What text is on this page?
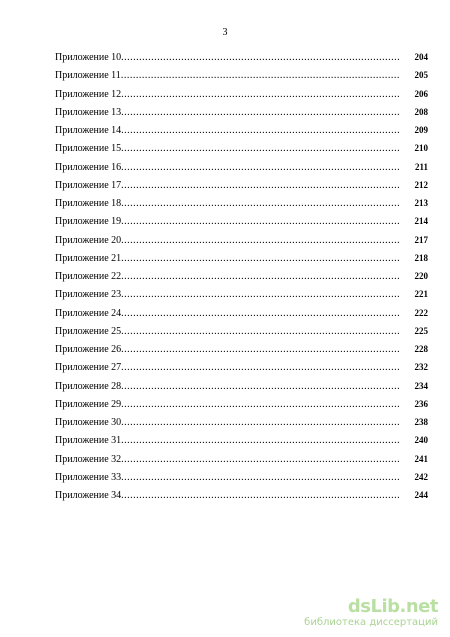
3
Приложение 10 .....	204
Приложение 11 .....	205
Приложение 12 .....	206
Приложение 13 .....	208
Приложение 14 .....	209
Приложение 15 .....	210
Приложение 16 .....	211
Приложение 17 .....	212
Приложение 18 .....	213
Приложение 19 .....	214
Приложение 20 .....	217
Приложение 21 .....	218
Приложение 22 .....	220
Приложение 23 .....	221
Приложение 24 .....	222
Приложение 25 .....	225
Приложение 26 .....	228
Приложение 27 .....	232
Приложение 28 .....	234
Приложение 29 .....	236
Приложение 30 .....	238
Приложение 31 .....	240
Приложение 32 .....	241
Приложение 33 .....	242
Приложение 34 .....	244
dsLib.net
библиотека диссертаций
